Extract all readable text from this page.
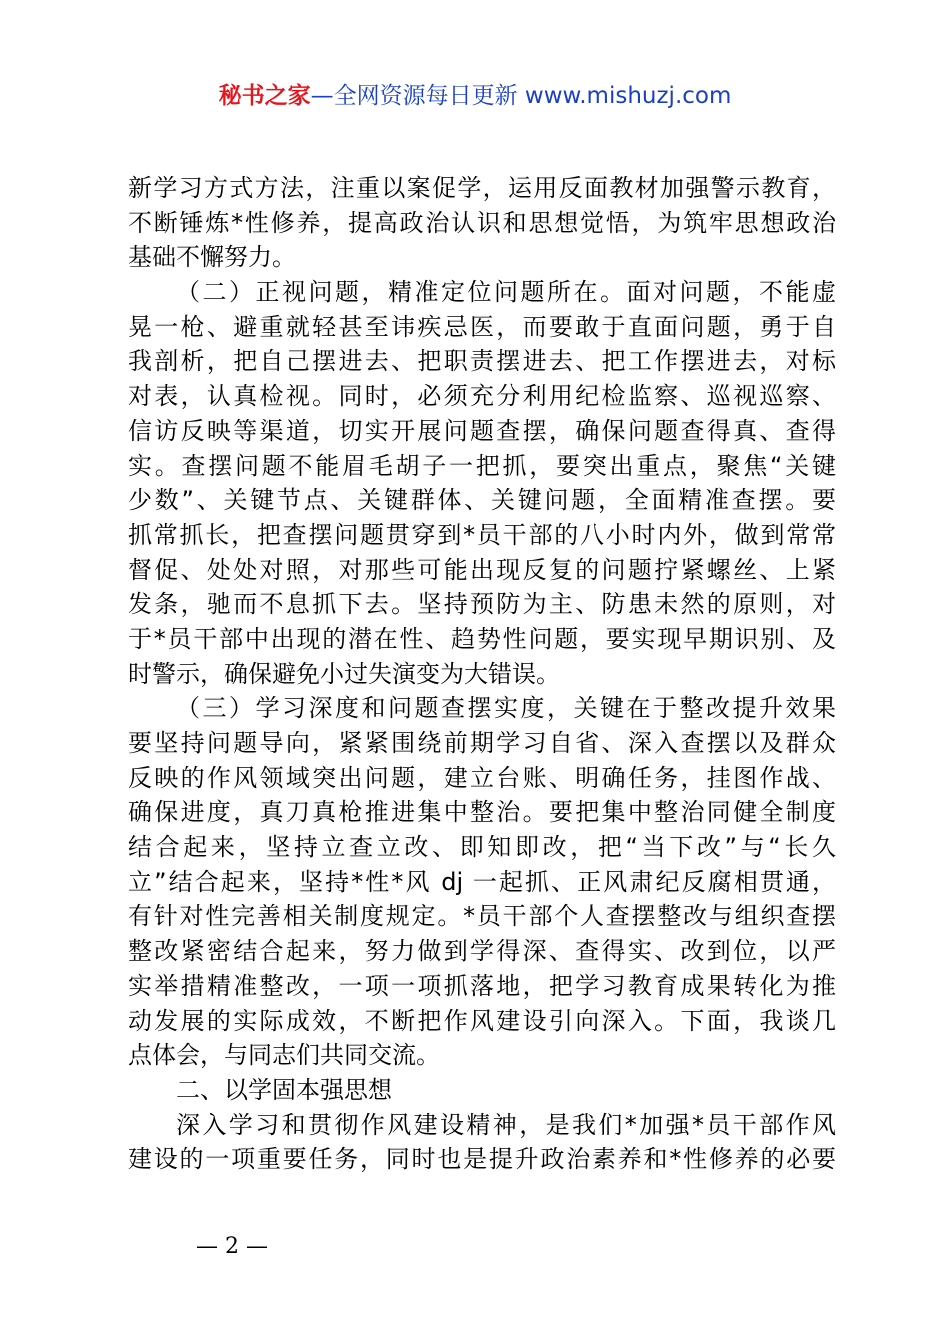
秘书之家—全网资源每日更新 www.mishuzj.com
新学习方式方法，注重以案促学，运用反面教材加强警示教育，
不断锤炼*性修养，提高政治认识和思想觉悟，为筑牢思想政治
基础不懈努力。
（二）正视问题，精准定位问题所在。面对问题，不能虚
晃一枪、避重就轻甚至讳疾忌医，而要敢于直面问题，勇于自
我剖析，把自己摆进去、把职责摆进去、把工作摆进去，对标
对表，认真检视。同时，必须充分利用纪检监察、巡视巡察、
信访反映等渠道，切实开展问题查摆，确保问题查得真、查得
实。查摆问题不能眉毛胡子一把抓，要突出重点，聚焦“关键
少数”、关键节点、关键群体、关键问题，全面精准查摆。要
抓常抓长，把查摆问题贯穿到*员干部的八小时内外，做到常常
督促、处处对照，对那些可能出现反复的问题拧紧螺丝、上紧
发条，驰而不息抓下去。坚持预防为主、防患未然的原则，对
于*员干部中出现的潜在性、趋势性问题，要实现早期识别、及
时警示，确保避免小过失演变为大错误。
（三）学习深度和问题查摆实度，关键在于整改提升效果
要坚持问题导向，紧紧围绕前期学习自省、深入查摆以及群众
反映的作风领域突出问题，建立台账、明确任务，挂图作战、
确保进度，真刀真枪推进集中整治。要把集中整治同健全制度
结合起来，坚持立查立改、即知即改，把“当下改”与“长久
立”结合起来，坚持*性*风 dj 一起抓、正风肃纪反腐相贯通，
有针对性完善相关制度规定。*员干部个人查摆整改与组织查摆
整改紧密结合起来，努力做到学得深、查得实、改到位，以严
实举措精准整改，一项一项抓落地，把学习教育成果转化为推
动发展的实际成效，不断把作风建设引向深入。下面，我谈几
点体会，与同志们共同交流。
二、以学固本强思想
深入学习和贯彻作风建设精神，是我们*加强*员干部作风
建设的一项重要任务，同时也是提升政治素养和*性修养的必要
— 2 —
